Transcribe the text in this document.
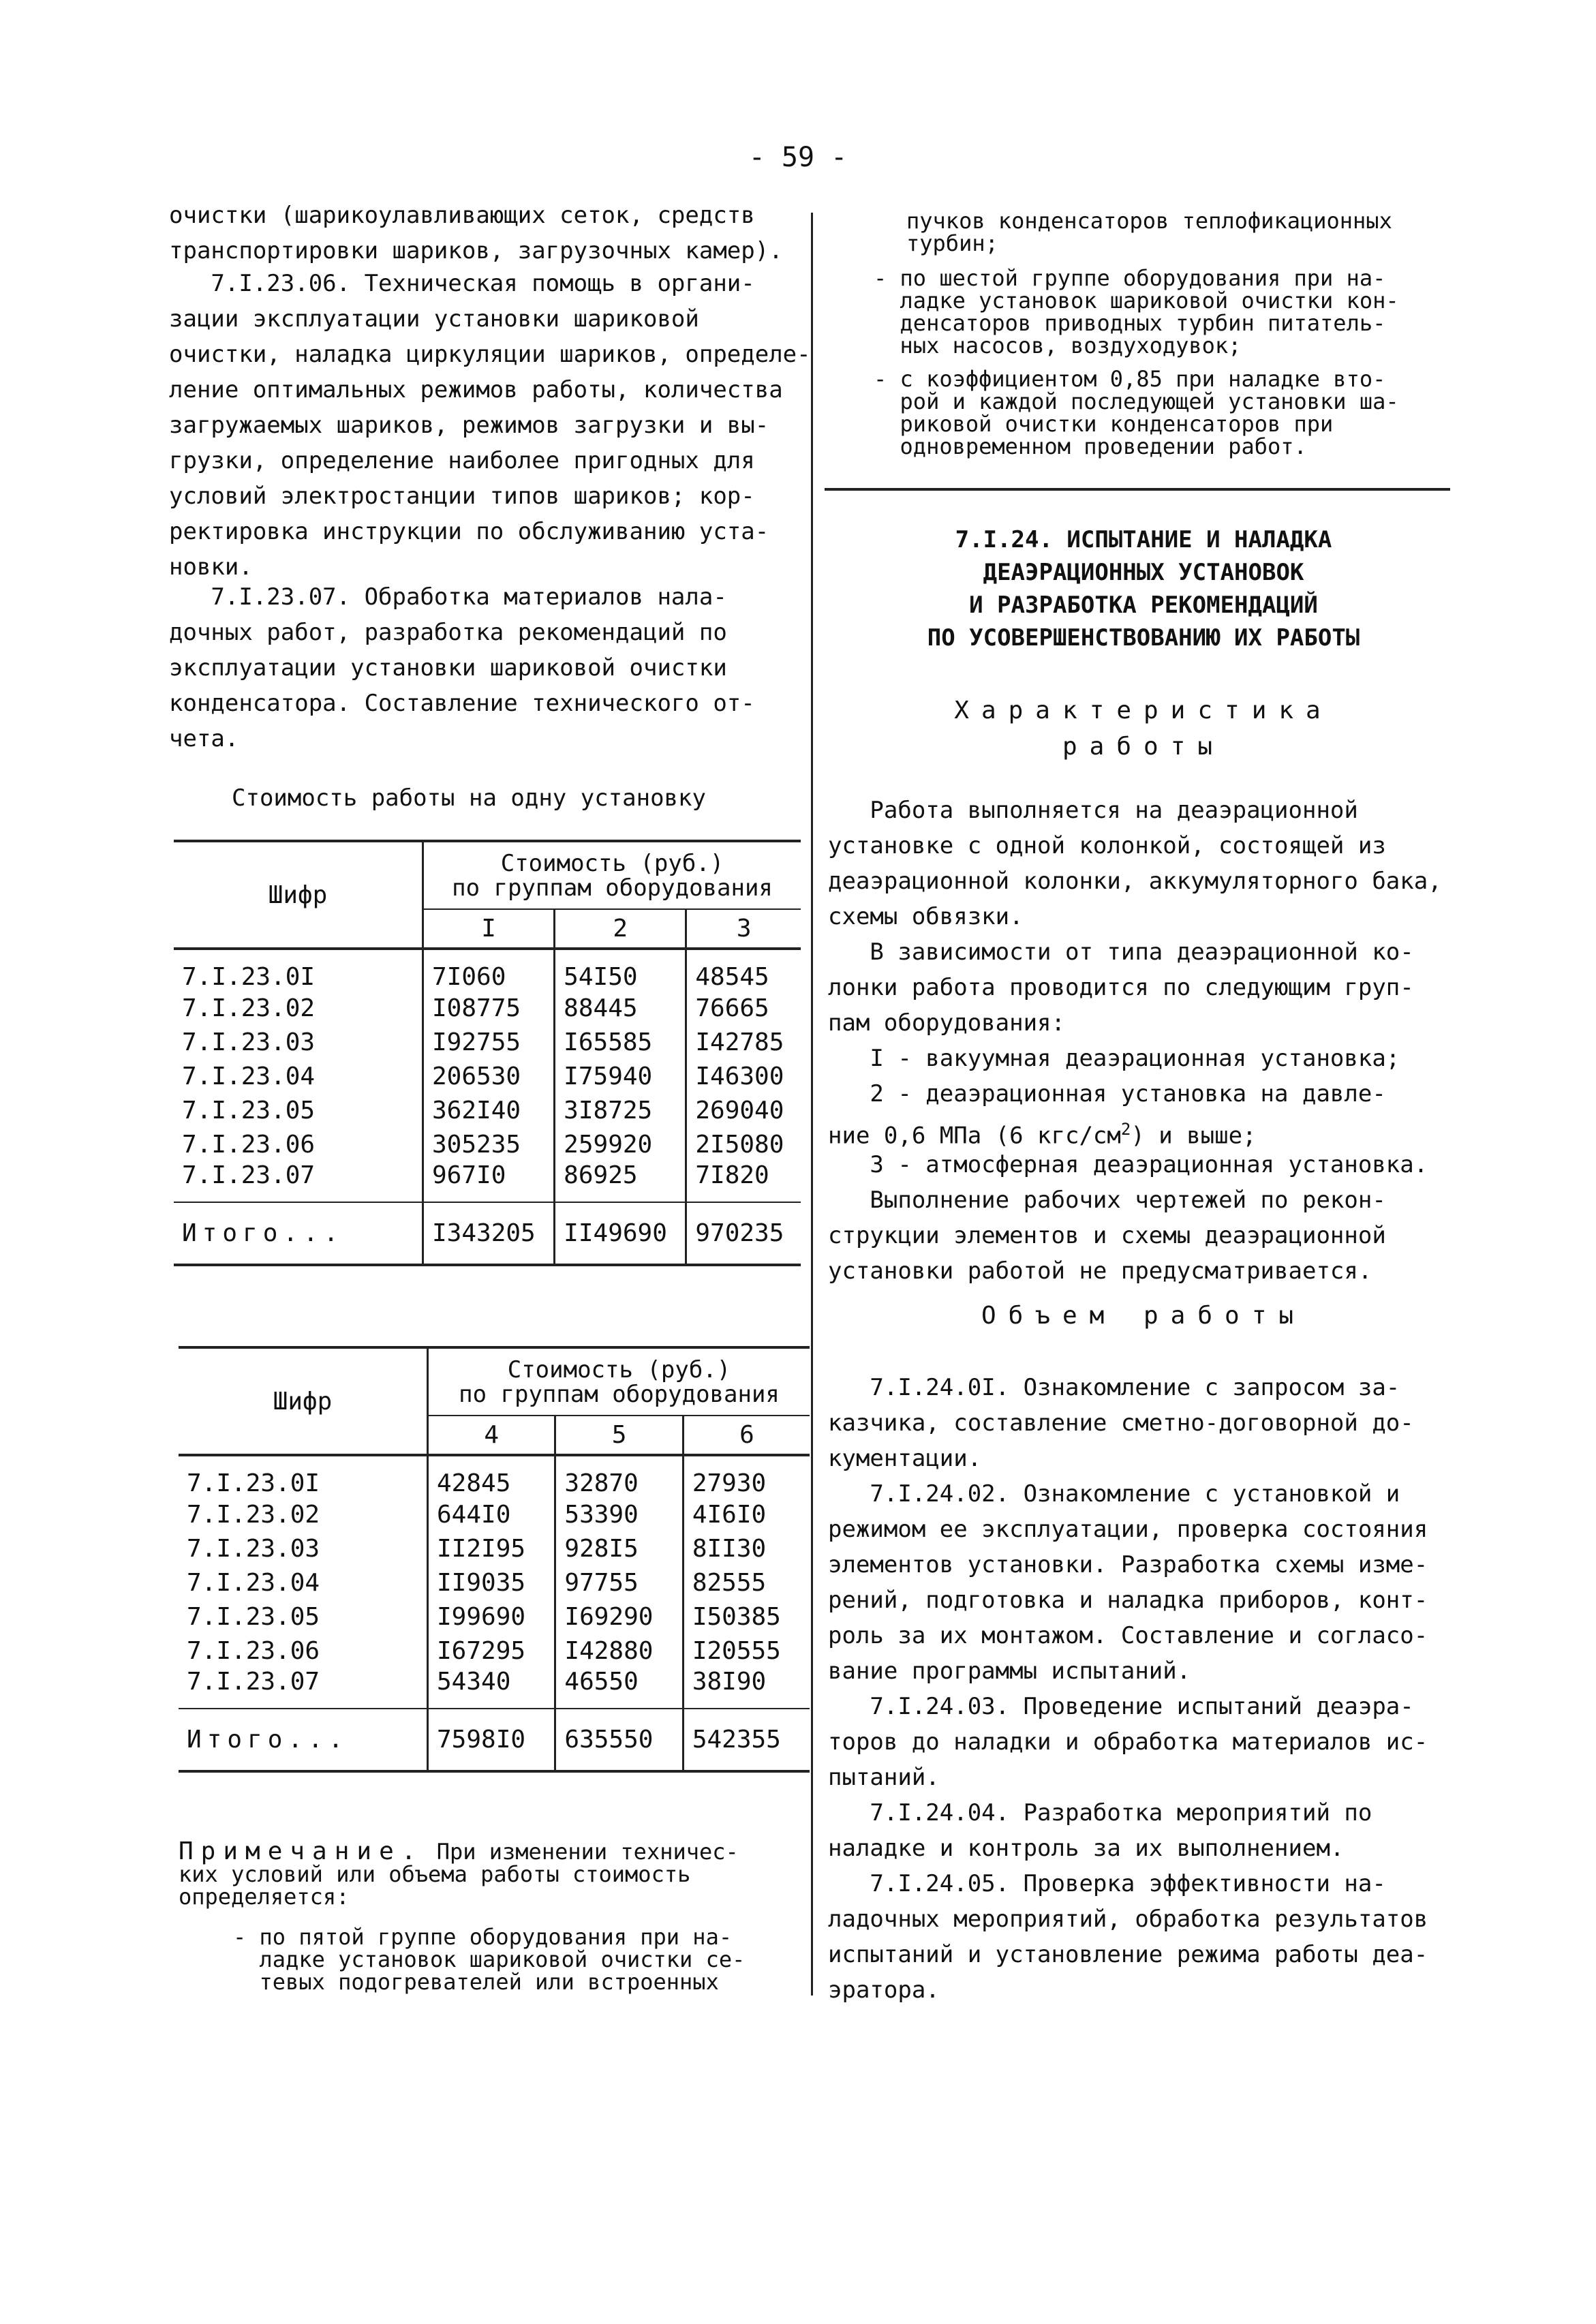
- 59 -
очистки (шарикоулавливающих сеток, средств
транспортировки шариков, загрузочных камер).
7.I.23.06. Техническая помощь в органи-
зации эксплуатации установки шариковой
очистки, наладка циркуляции шариков, определе-
ление оптимальных режимов работы, количества
загружаемых шариков, режимов загрузки и вы-
грузки, определение наиболее пригодных для
условий электростанции типов шариков; кор-
ректировка инструкции по обслуживанию уста-
новки.
7.I.23.07. Обработка материалов нала-
дочных работ, разработка рекомендаций по
эксплуатации установки шариковой очистки
конденсатора. Составление технического от-
чета.
Стоимость работы на одну установку
Шифр	Стоимость (руб.)
по группам оборудования		
	I	2	3
7.I.23.0I	7I060	54I50	48545
7.I.23.02	I08775	88445	76665
7.I.23.03	I92755	I65585	I42785
7.I.23.04	206530	I75940	I46300
7.I.23.05	362I40	3I8725	269040
7.I.23.06	305235	259920	2I5080
7.I.23.07	967I0	86925	7I820
Итого...	I343205	II49690	970235
Шифр	Стоимость (руб.)
по группам оборудования		
	4	5	6
7.I.23.0I	42845	32870	27930
7.I.23.02	644I0	53390	4I6I0
7.I.23.03	II2I95	928I5	8II30
7.I.23.04	II9035	97755	82555
7.I.23.05	I99690	I69290	I50385
7.I.23.06	I67295	I42880	I20555
7.I.23.07	54340	46550	38I90
Итого...	7598I0	635550	542355
Примечание. При изменении техничес-
ких условий или объема работы стоимость
определяется:
- по пятой группе оборудования при на-
ладке установок шариковой очистки се-
тевых подогревателей или встроенных
пучков конденсаторов теплофикационных
турбин;
- по шестой группе оборудования при на-
ладке установок шариковой очистки кон-
денсаторов приводных турбин питатель-
ных насосов, воздуходувок;
- с коэффициентом 0,85 при наладке вто-
рой и каждой последующей установки ша-
риковой очистки конденсаторов при
одновременном проведении работ.
7.I.24. ИСПЫТАНИЕ И НАЛАДКА
ДЕАЭРАЦИОННЫХ УСТАНОВОК
И РАЗРАБОТКА РЕКОМЕНДАЦИЙ
ПО УСОВЕРШЕНСТВОВАНИЮ ИХ РАБОТЫ
Характеристика
работы
Работа выполняется на деаэрационной
установке с одной колонкой, состоящей из
деаэрационной колонки, аккумуляторного бака,
схемы обвязки.
В зависимости от типа деаэрационной ко-
лонки работа проводится по следующим груп-
пам оборудования:
I - вакуумная деаэрационная установка;
2 - деаэрационная установка на давле-
ние 0,6 МПа (6 кгс/$см^2$) и выше;
3 - атмосферная деаэрационная установка.
Выполнение рабочих чертежей по рекон-
струкции элементов и схемы деаэрационной
установки работой не предусматривается.
Объем работы
7.I.24.0I. Ознакомление с запросом за-
казчика, составление сметно-договорной до-
кументации.
7.I.24.02. Ознакомление с установкой и
режимом ее эксплуатации, проверка состояния
элементов установки. Разработка схемы изме-
рений, подготовка и наладка приборов, конт-
роль за их монтажом. Составление и согласо-
вание программы испытаний.
7.I.24.03. Проведение испытаний деаэра-
торов до наладки и обработка материалов ис-
пытаний.
7.I.24.04. Разработка мероприятий по
наладке и контроль за их выполнением.
7.I.24.05. Проверка эффективности на-
ладочных мероприятий, обработка результатов
испытаний и установление режима работы деа-
эратора.
